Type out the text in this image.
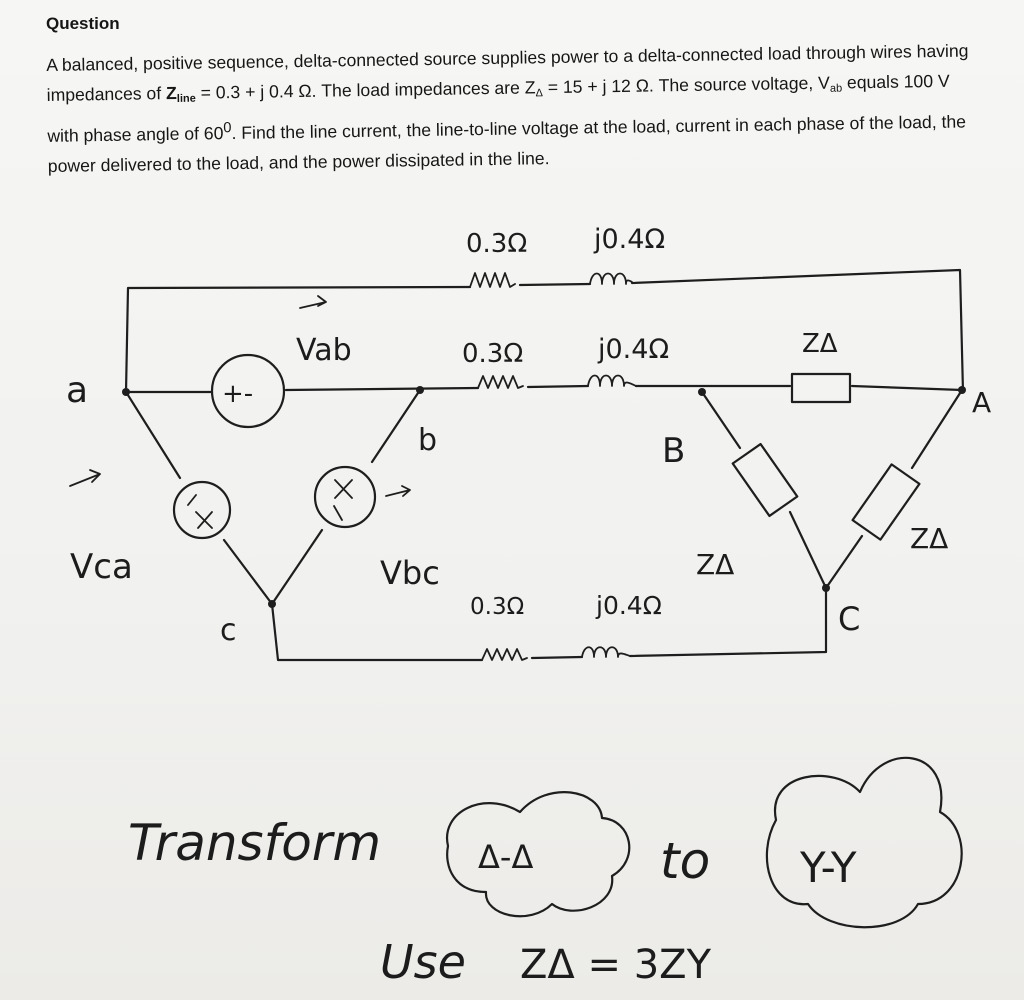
Question
A balanced, positive sequence, delta-connected source supplies power to a delta-connected load through wires having impedances of $Z_{line} = 0.3 + j$ 0.4 Ω. The load impedances are $Z_\Delta = 15 + j$ 12 Ω. The source voltage, $V_{ab}$ equals 100 V with phase angle of $60^0$. Find the line current, the line-to-line voltage at the load, current in each phase of the load, the power delivered to the load, and the power dissipated in the line.
0.3Ω j0.4Ω
+-
0.3Ω	j0.4Ω	ZΔ
Vab
a
b
c
Vca	Vbc
0.3Ω	j0.4Ω
A
B
C
ZΔ
ZΔ
Transform	Δ-Δ	to Y-Y
Use ZΔ = 3ZY
